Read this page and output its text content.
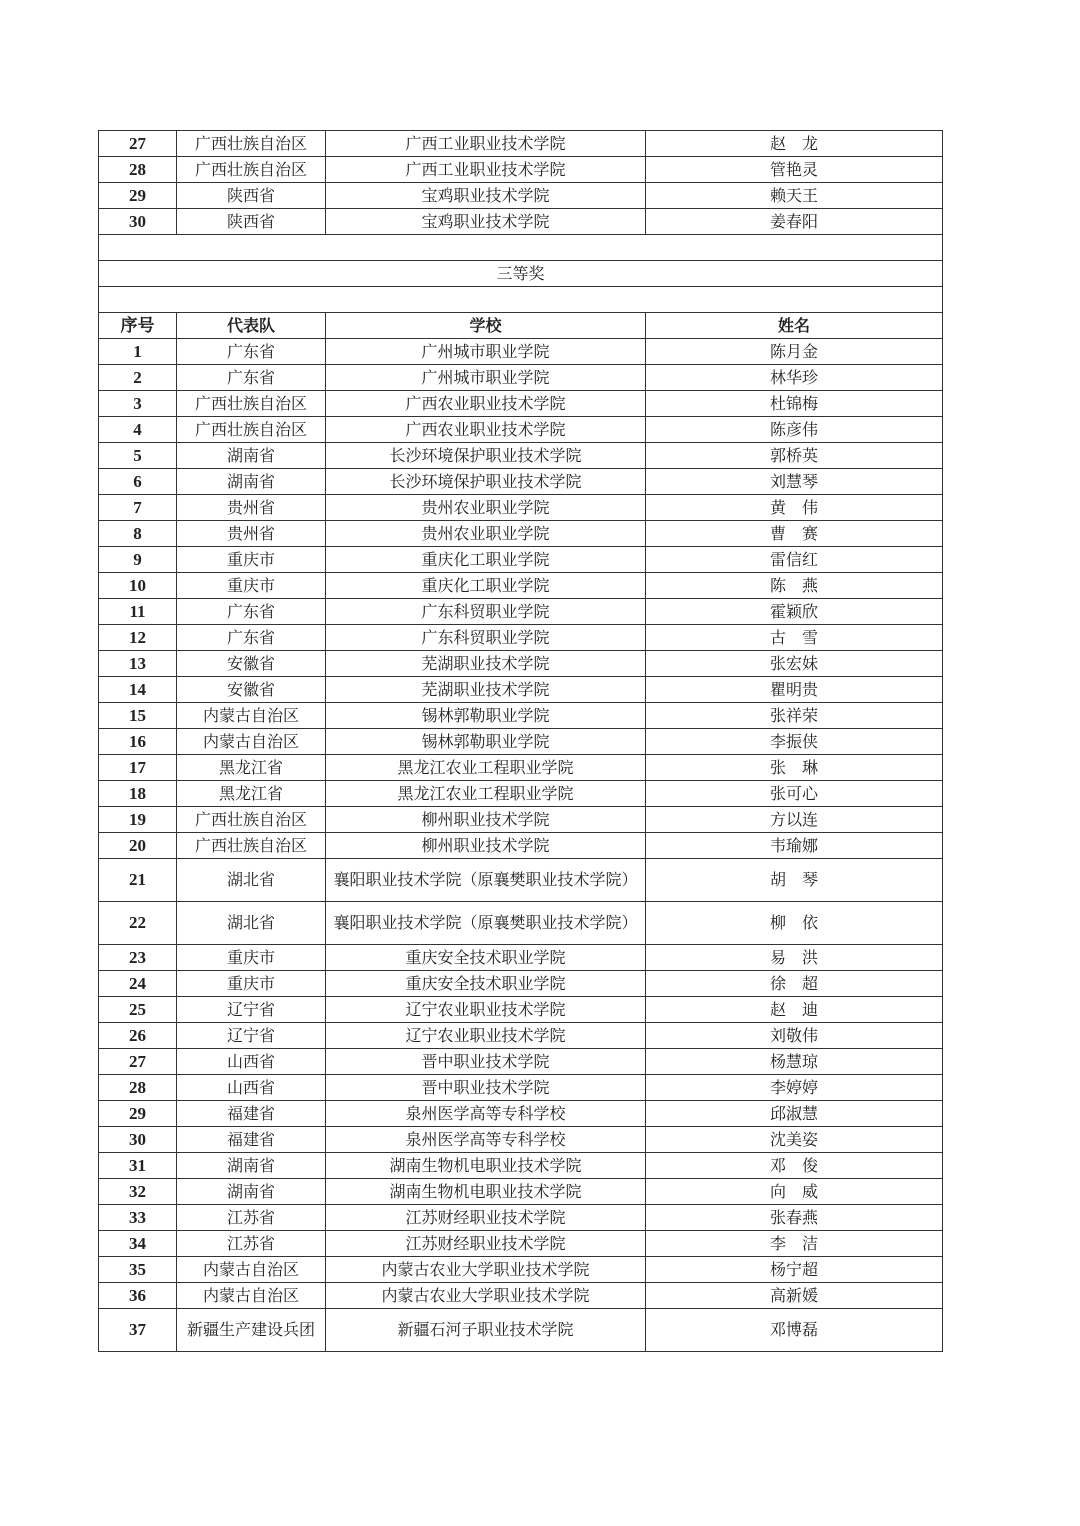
27	广西壮族自治区	广西工业职业技术学院	赵　龙
28	广西壮族自治区	广西工业职业技术学院	管艳灵
29	陕西省	宝鸡职业技术学院	赖天王
30	陕西省	宝鸡职业技术学院	姜春阳

三等奖			

序号	代表队	学校	姓名
1	广东省	广州城市职业学院	陈月金
2	广东省	广州城市职业学院	林华珍
3	广西壮族自治区	广西农业职业技术学院	杜锦梅
4	广西壮族自治区	广西农业职业技术学院	陈彦伟
5	湖南省	长沙环境保护职业技术学院	郭桥英
6	湖南省	长沙环境保护职业技术学院	刘慧琴
7	贵州省	贵州农业职业学院	黄　伟
8	贵州省	贵州农业职业学院	曹　赛
9	重庆市	重庆化工职业学院	雷信红
10	重庆市	重庆化工职业学院	陈　燕
11	广东省	广东科贸职业学院	霍颖欣
12	广东省	广东科贸职业学院	古　雪
13	安徽省	芜湖职业技术学院	张宏妹
14	安徽省	芜湖职业技术学院	瞿明贵
15	内蒙古自治区	锡林郭勒职业学院	张祥荣
16	内蒙古自治区	锡林郭勒职业学院	李振侠
17	黑龙江省	黑龙江农业工程职业学院	张　琳
18	黑龙江省	黑龙江农业工程职业学院	张可心
19	广西壮族自治区	柳州职业技术学院	方以连
20	广西壮族自治区	柳州职业技术学院	韦瑜娜
21	湖北省	襄阳职业技术学院（原襄樊职业技术学院）	胡　琴
22	湖北省	襄阳职业技术学院（原襄樊职业技术学院）	柳　依
23	重庆市	重庆安全技术职业学院	易　洪
24	重庆市	重庆安全技术职业学院	徐　超
25	辽宁省	辽宁农业职业技术学院	赵　迪
26	辽宁省	辽宁农业职业技术学院	刘敬伟
27	山西省	晋中职业技术学院	杨慧琼
28	山西省	晋中职业技术学院	李婷婷
29	福建省	泉州医学高等专科学校	邱淑慧
30	福建省	泉州医学高等专科学校	沈美姿
31	湖南省	湖南生物机电职业技术学院	邓　俊
32	湖南省	湖南生物机电职业技术学院	向　威
33	江苏省	江苏财经职业技术学院	张春燕
34	江苏省	江苏财经职业技术学院	李　洁
35	内蒙古自治区	内蒙古农业大学职业技术学院	杨宁超
36	内蒙古自治区	内蒙古农业大学职业技术学院	高新媛
37	新疆生产建设兵团	新疆石河子职业技术学院	邓博磊
